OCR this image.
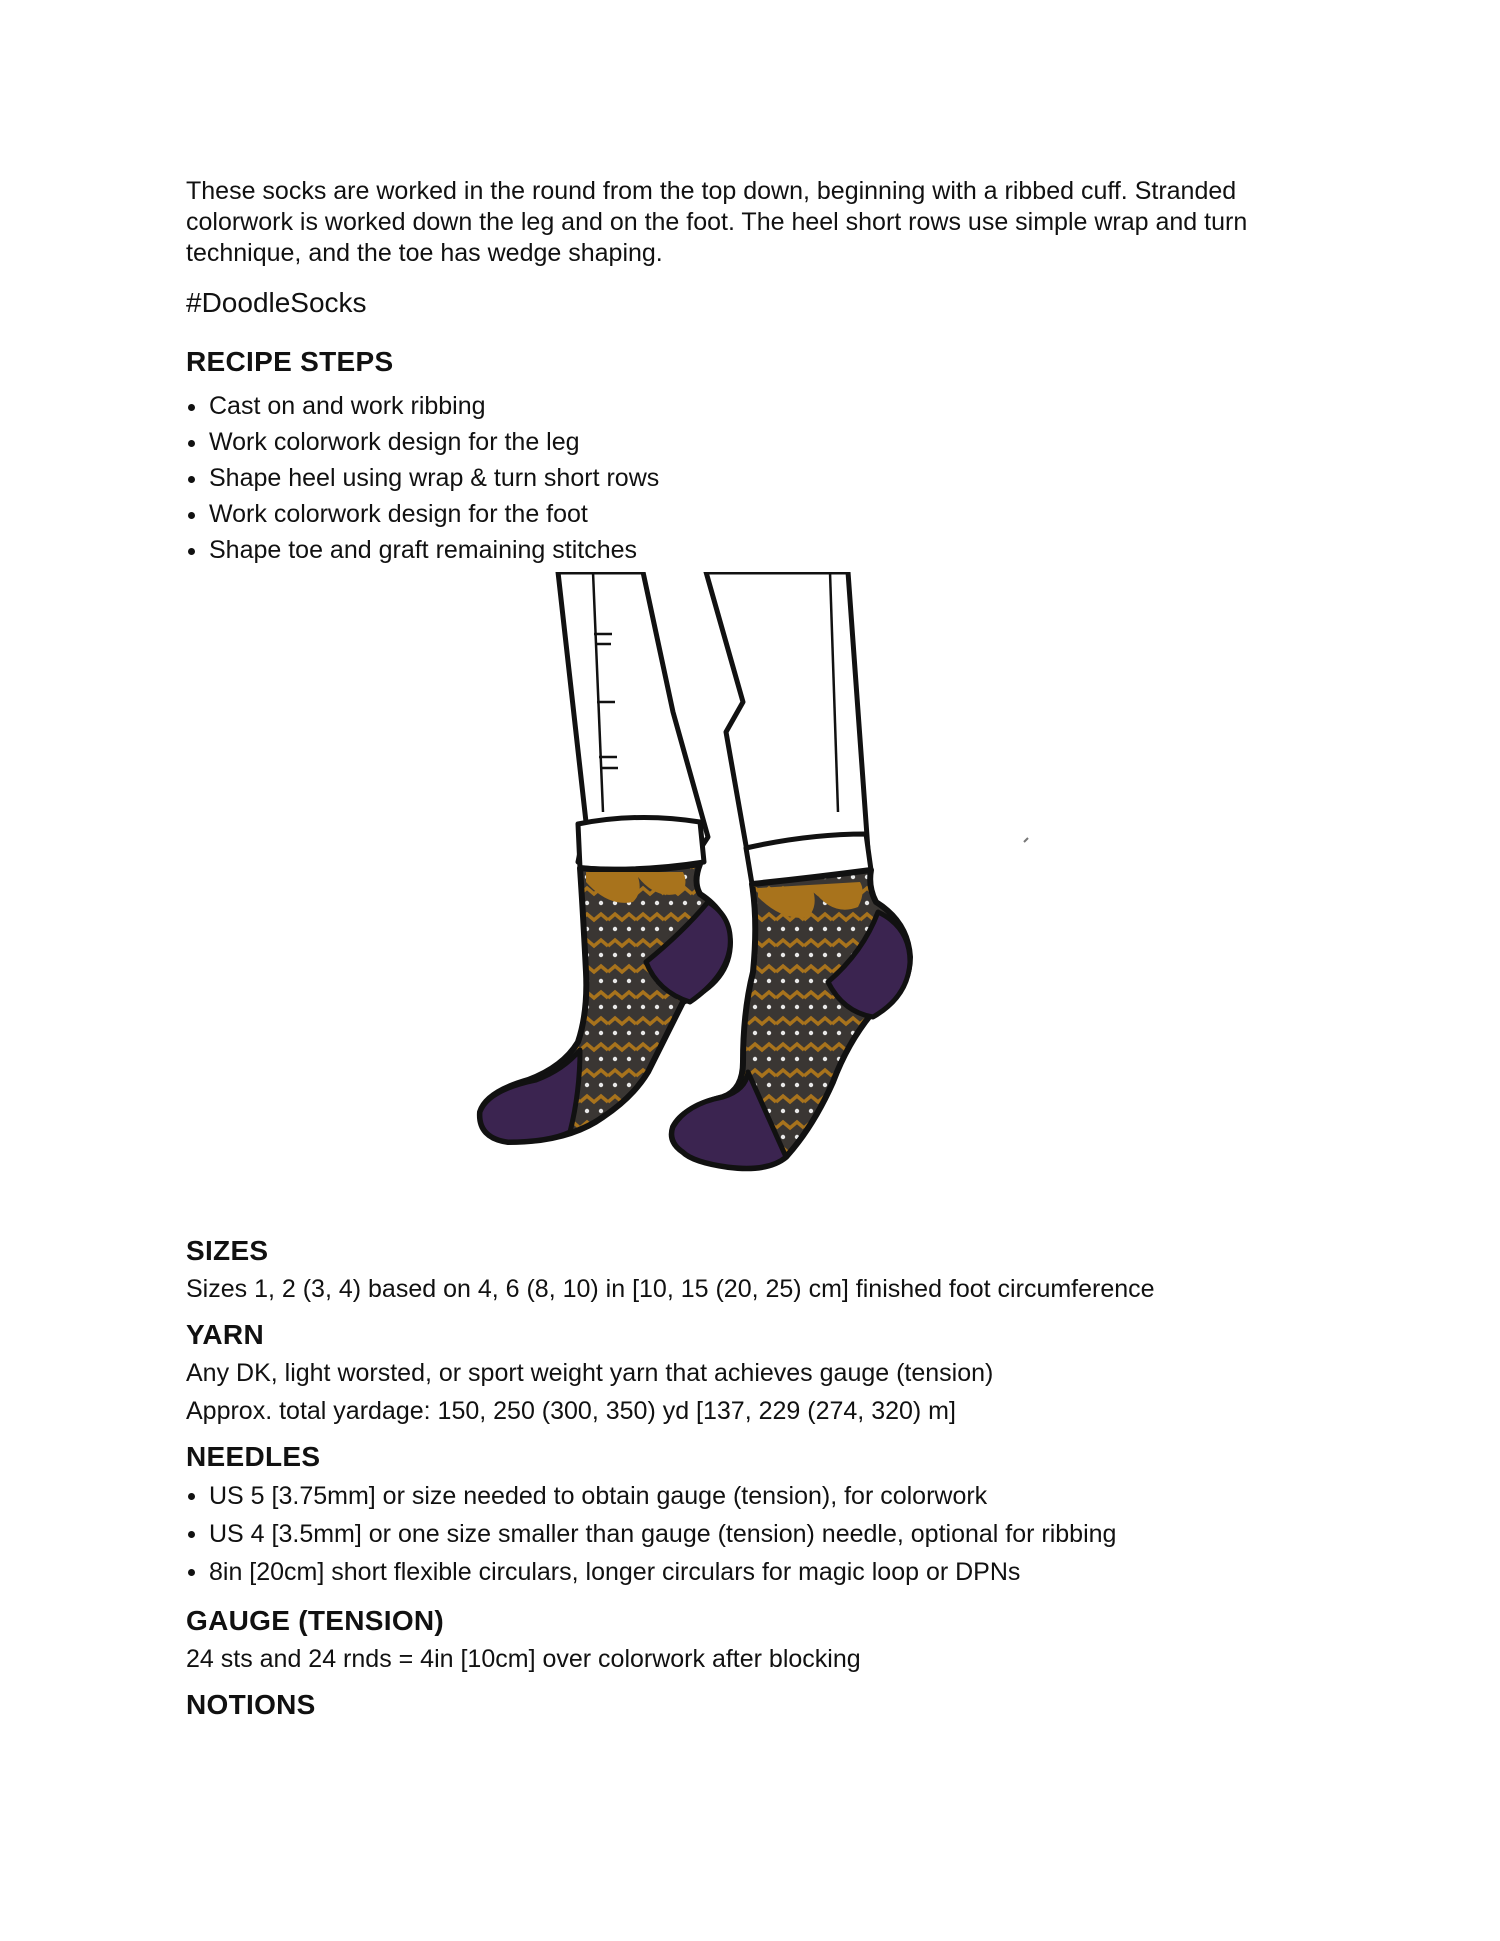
These socks are worked in the round from the top down, beginning with a ribbed cuff. Stranded colorwork is worked down the leg and on the foot. The heel short rows use simple wrap and turn technique, and the toe has wedge shaping.

#DoodleSocks

RECIPE STEPS
Cast on and work ribbing
Work colorwork design for the leg
Shape heel using wrap & turn short rows
Work colorwork design for the foot
Shape toe and graft remaining stitches
SIZES

Sizes 1, 2 (3, 4) based on 4, 6 (8, 10) in [10, 15 (20, 25) cm] finished foot circumference

YARN

Any DK, light worsted, or sport weight yarn that achieves gauge (tension)

Approx. total yardage: 150, 250 (300, 350) yd [137, 229 (274, 320) m]

NEEDLES
US 5 [3.75mm] or size needed to obtain gauge (tension), for colorwork
US 4 [3.5mm] or one size smaller than gauge (tension) needle, optional for ribbing
8in [20cm] short flexible circulars, longer circulars for magic loop or DPNs
GAUGE (TENSION)

24 sts and 24 rnds = 4in [10cm] over colorwork after blocking

NOTIONS
